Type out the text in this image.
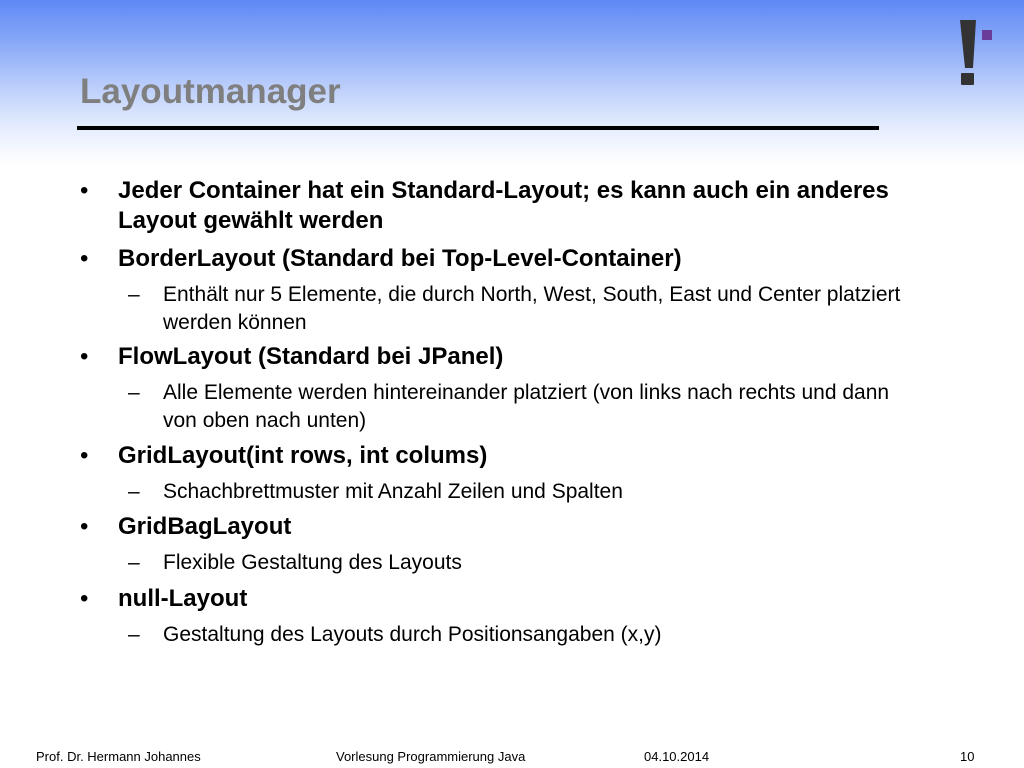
Layoutmanager
• Jeder Container hat ein Standard-Layout; es kann auch ein anderes Layout gewählt werden
• BorderLayout (Standard bei Top-Level-Container)
– Enthält nur 5 Elemente, die durch North, West, South, East und Center platziert werden können
• FlowLayout (Standard bei JPanel)
– Alle Elemente werden hintereinander platziert (von links nach rechts und dann von oben nach unten)
• GridLayout(int rows, int colums)
– Schachbrettmuster mit Anzahl Zeilen und Spalten
• GridBagLayout
– Flexible Gestaltung des Layouts
• null-Layout
– Gestaltung des Layouts durch Positionsangaben (x,y)
Prof. Dr. Hermann Johannes	Vorlesung Programmierung Java	04.10.2014	10
